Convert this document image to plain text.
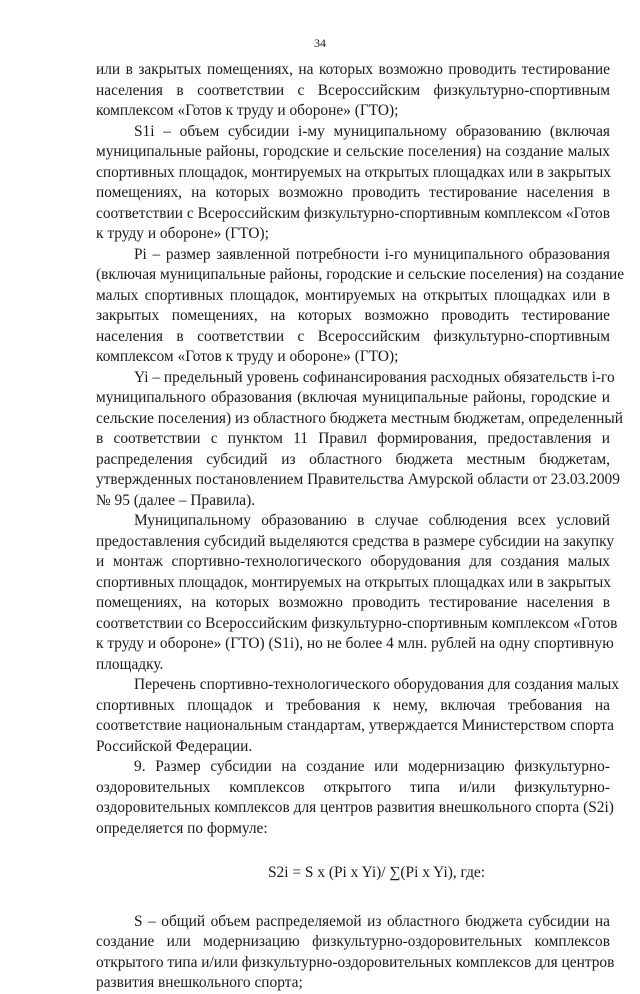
34
или в закрытых помещениях, на которых возможно проводить тестирование
населения в соответствии с Всероссийским физкультурно-спортивным
комплексом «Готов к труду и обороне» (ГТО);
S1i – объем субсидии i-му муниципальному образованию (включая
муниципальные районы, городские и сельские поселения) на создание малых
спортивных площадок, монтируемых на открытых площадках или в закрытых
помещениях, на которых возможно проводить тестирование населения в
соответствии с Всероссийским физкультурно-спортивным комплексом «Готов
к труду и обороне» (ГТО);
Pi – размер заявленной потребности i-го муниципального образования
(включая муниципальные районы, городские и сельские поселения) на создание
малых спортивных площадок, монтируемых на открытых площадках или в
закрытых помещениях, на которых возможно проводить тестирование
населения в соответствии с Всероссийским физкультурно-спортивным
комплексом «Готов к труду и обороне» (ГТО);
Yi – предельный уровень софинансирования расходных обязательств i-го
муниципального образования (включая муниципальные районы, городские и
сельские поселения) из областного бюджета местным бюджетам, определенный
в соответствии с пунктом 11 Правил формирования, предоставления и
распределения субсидий из областного бюджета местным бюджетам,
утвержденных постановлением Правительства Амурской области от 23.03.2009
№ 95 (далее – Правила).
Муниципальному образованию в случае соблюдения всех условий
предоставления субсидий выделяются средства в размере субсидии на закупку
и монтаж спортивно-технологического оборудования для создания малых
спортивных площадок, монтируемых на открытых площадках или в закрытых
помещениях, на которых возможно проводить тестирование населения в
соответствии со Всероссийским физкультурно-спортивным комплексом «Готов
к труду и обороне» (ГТО) (S1i), но не более 4 млн. рублей на одну спортивную
площадку.
Перечень спортивно-технологического оборудования для создания малых
спортивных площадок и требования к нему, включая требования на
соответствие национальным стандартам, утверждается Министерством спорта
Российской Федерации.
9. Размер субсидии на создание или модернизацию физкультурно-
оздоровительных комплексов открытого типа и/или физкультурно-
оздоровительных комплексов для центров развития внешкольного спорта (S2i)
определяется по формуле:
S2i = S x (Pi x Yi)/ ∑(Pi x Yi), где:
S – общий объем распределяемой из областного бюджета субсидии на
создание или модернизацию физкультурно-оздоровительных комплексов
открытого типа и/или физкультурно-оздоровительных комплексов для центров
развития внешкольного спорта;
